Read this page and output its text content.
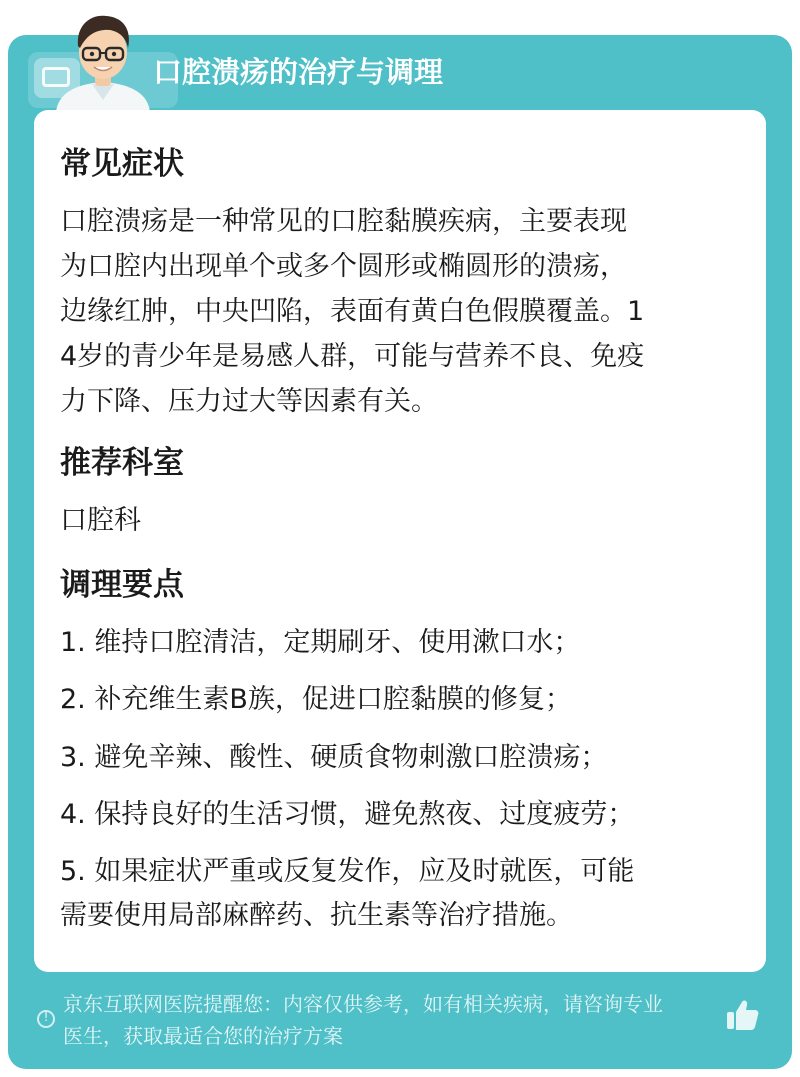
口腔溃疡的治疗与调理
常见症状
口腔溃疡是一种常见的口腔黏膜疾病，主要表现
为口腔内出现单个或多个圆形或椭圆形的溃疡，
边缘红肿，中央凹陷，表面有黄白色假膜覆盖。1
4岁的青少年是易感人群，可能与营养不良、免疫
力下降、压力过大等因素有关。
推荐科室
口腔科
调理要点
1. 维持口腔清洁，定期刷牙、使用漱口水；
2. 补充维生素B族，促进口腔黏膜的修复；
3. 避免辛辣、酸性、硬质食物刺激口腔溃疡；
4. 保持良好的生活习惯，避免熬夜、过度疲劳；
5. 如果症状严重或反复发作，应及时就医，可能
需要使用局部麻醉药、抗生素等治疗措施。
!
京东互联网医院提醒您：内容仅供参考，如有相关疾病，请咨询专业
医生，获取最适合您的治疗方案
